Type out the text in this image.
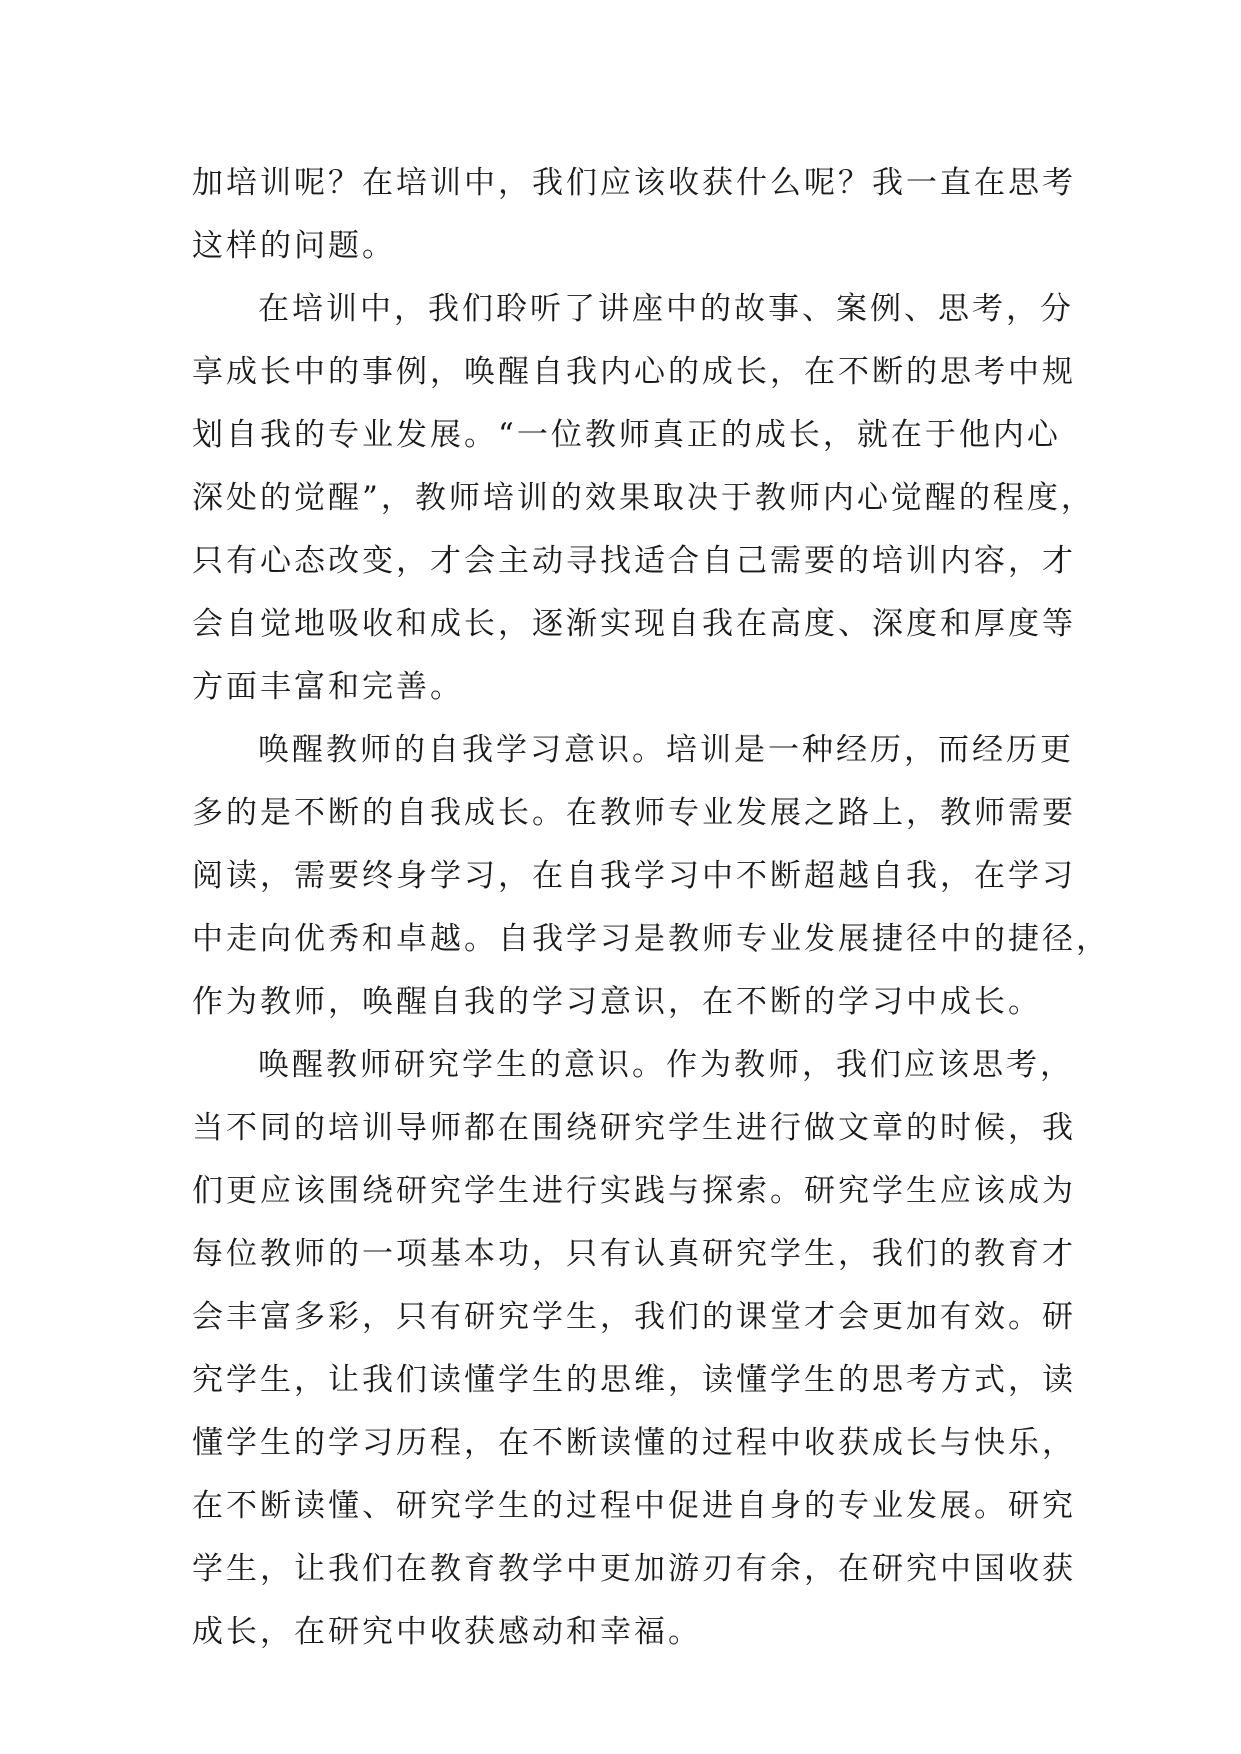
加培训呢？在培训中，我们应该收获什么呢？我一直在思考
这样的问题。
在培训中，我们聆听了讲座中的故事、案例、思考，分
享成长中的事例，唤醒自我内心的成长，在不断的思考中规
划自我的专业发展。“一位教师真正的成长，就在于他内心
深处的觉醒”，教师培训的效果取决于教师内心觉醒的程度，
只有心态改变，才会主动寻找适合自己需要的培训内容，才
会自觉地吸收和成长，逐渐实现自我在高度、深度和厚度等
方面丰富和完善。
唤醒教师的自我学习意识。培训是一种经历，而经历更
多的是不断的自我成长。在教师专业发展之路上，教师需要
阅读，需要终身学习，在自我学习中不断超越自我，在学习
中走向优秀和卓越。自我学习是教师专业发展捷径中的捷径，
作为教师，唤醒自我的学习意识，在不断的学习中成长。
唤醒教师研究学生的意识。作为教师，我们应该思考，
当不同的培训导师都在围绕研究学生进行做文章的时候，我
们更应该围绕研究学生进行实践与探索。研究学生应该成为
每位教师的一项基本功，只有认真研究学生，我们的教育才
会丰富多彩，只有研究学生，我们的课堂才会更加有效。研
究学生，让我们读懂学生的思维，读懂学生的思考方式，读
懂学生的学习历程，在不断读懂的过程中收获成长与快乐，
在不断读懂、研究学生的过程中促进自身的专业发展。研究
学生，让我们在教育教学中更加游刃有余，在研究中国收获
成长，在研究中收获感动和幸福。
